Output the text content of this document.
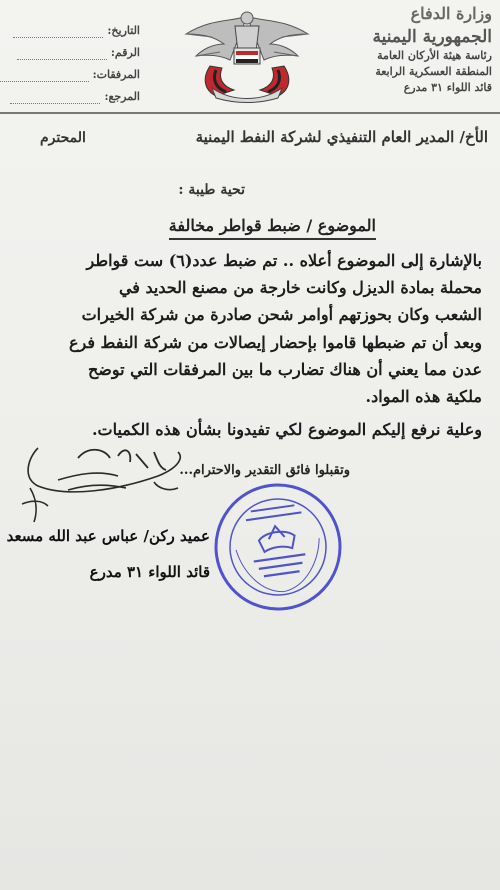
وزارة الدفاع
الجمهورية اليمنية
رئاسة هيئة الأركان العامة
المنطقة العسكرية الرابعة
قائد اللواء ٣١ مدرع
التاريخ:
الرقم:
المرفقات:
المرجع:
الأخ/ المدير العام التنفيذي لشركة النفط اليمنية
المحترم
تحية طيبة :
الموضوع / ضبط قواطر مخالفة
بالإشارة إلى الموضوع أعلاه .. تم ضبط عدد(٦) ست قواطر
محملة بمادة الديزل وكانت خارجة من مصنع الحديد في
الشعب وكان بحوزتهم أوامر شحن صادرة من شركة الخيرات
وبعد أن تم ضبطها قاموا بإحضار إيصالات من شركة النفط فرع
عدن مما يعني أن هناك تضارب ما بين المرفقات التي توضح
ملكية هذه المواد.
وعلية نرفع إليكم الموضوع لكي تفيدونا بشأن هذه الكميات.
وتقبلوا فائق التقدير والاحترام...
عميد ركن/ عباس عبد الله مسعد
قائد اللواء ٣١ مدرع
